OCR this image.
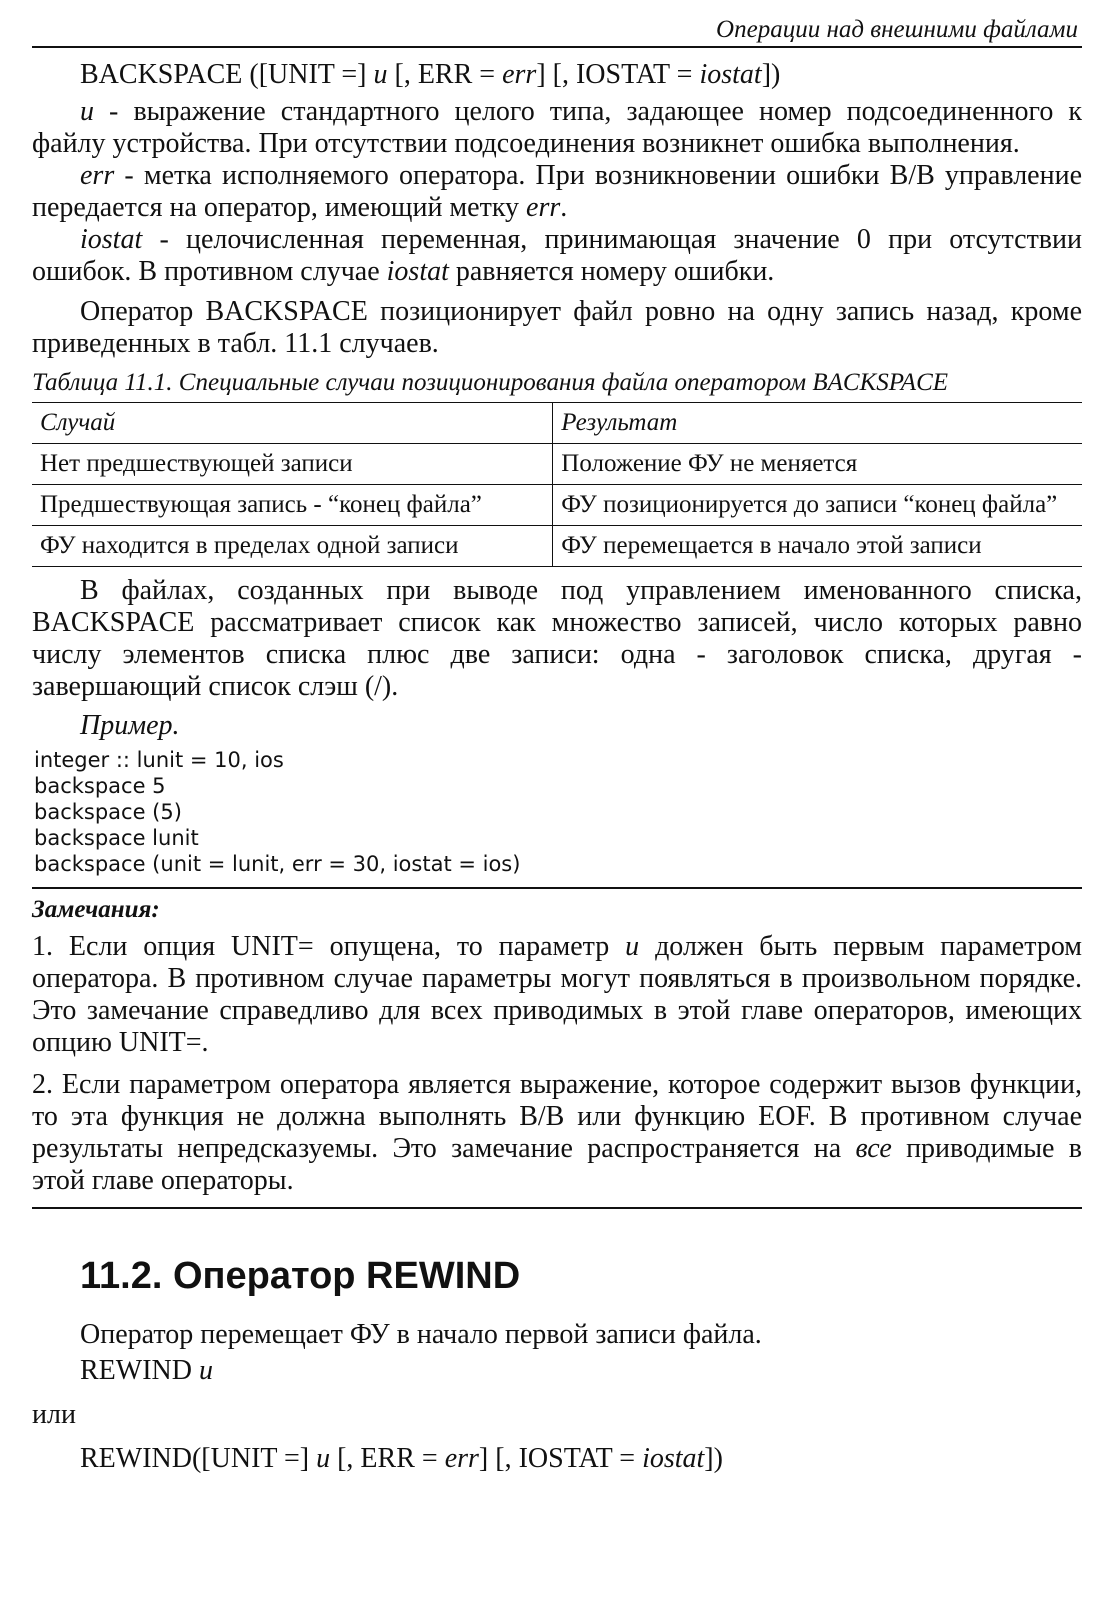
Операции над внешними файлами
BACKSPACE ([UNIT =] u [, ERR = err] [, IOSTAT = iostat])

u - выражение стандартного целого типа, задающее номер подсоединенного к файлу устройства. При отсутствии подсоединения возникнет ошибка выполнения.

err - метка исполняемого оператора. При возникновении ошибки В/В управление передается на оператор, имеющий метку err.

iostat - целочисленная переменная, принимающая значение 0 при отсутствии ошибок. В противном случае iostat равняется номеру ошибки.

Оператор BACKSPACE позиционирует файл ровно на одну запись назад, кроме приведенных в табл. 11.1 случаев.

Таблица 11.1. Специальные случаи позиционирования файла оператором BACKSPACE
Случай	Результат
Нет предшествующей записи	Положение ФУ не меняется
Предшествующая запись - “конец файла”	ФУ позиционируется до записи “конец файла”
ФУ находится в пределах одной записи	ФУ перемещается в начало этой записи

В файлах, созданных при выводе под управлением именованного списка, BACKSPACE рассматривает список как множество записей, число которых равно числу элементов списка плюс две записи: одна - заголовок списка, другая - завершающий список слэш (/).

Пример.
integer :: lunit = 10, ios
backspace 5
backspace (5)
backspace lunit
backspace (unit = lunit, err = 30, iostat = ios)
Замечания:

1. Если опция UNIT= опущена, то параметр u должен быть первым параметром оператора. В противном случае параметры могут появляться в произвольном порядке. Это замечание справедливо для всех приводимых в этой главе операторов, имеющих опцию UNIT=.

2. Если параметром оператора является выражение, которое содержит вызов функции, то эта функция не должна выполнять В/В или функцию EOF. В противном случае результаты непредсказуемы. Это замечание распространяется на все приводимые в этой главе операторы.

11.2. Оператор REWIND
Оператор перемещает ФУ в начало первой записи файла.
REWIND u
или
REWIND([UNIT =] u [, ERR = err] [, IOSTAT = iostat])
